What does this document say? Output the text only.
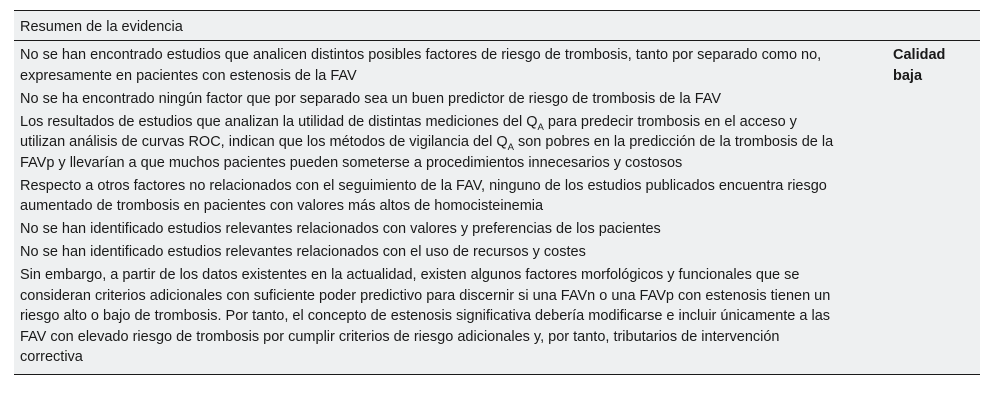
Resumen de la evidencia
No se han encontrado estudios que analicen distintos posibles factores de riesgo de trombosis, tanto por separado como no, expresamente en pacientes con estenosis de la FAV
No se ha encontrado ningún factor que por separado sea un buen predictor de riesgo de trombosis de la FAV
Los resultados de estudios que analizan la utilidad de distintas mediciones del $Q_A$ para predecir trombosis en el acceso y utilizan análisis de curvas ROC, indican que los métodos de vigilancia del $Q_A$ son pobres en la predicción de la trombosis de la FAVp y llevarían a que muchos pacientes pueden someterse a procedimientos innecesarios y costosos
Respecto a otros factores no relacionados con el seguimiento de la FAV, ninguno de los estudios publicados encuentra riesgo aumentado de trombosis en pacientes con valores más altos de homocisteinemia
No se han identificado estudios relevantes relacionados con valores y preferencias de los pacientes
No se han identificado estudios relevantes relacionados con el uso de recursos y costes
Sin embargo, a partir de los datos existentes en la actualidad, existen algunos factores morfológicos y funcionales que se consideran criterios adicionales con suficiente poder predictivo para discernir si una FAVn o una FAVp con estenosis tienen un riesgo alto o bajo de trombosis. Por tanto, el concepto de estenosis significativa debería modificarse e incluir únicamente a las FAV con elevado riesgo de trombosis por cumplir criterios de riesgo adicionales y, por tanto, tributarios de intervención correctiva
Calidad baja
